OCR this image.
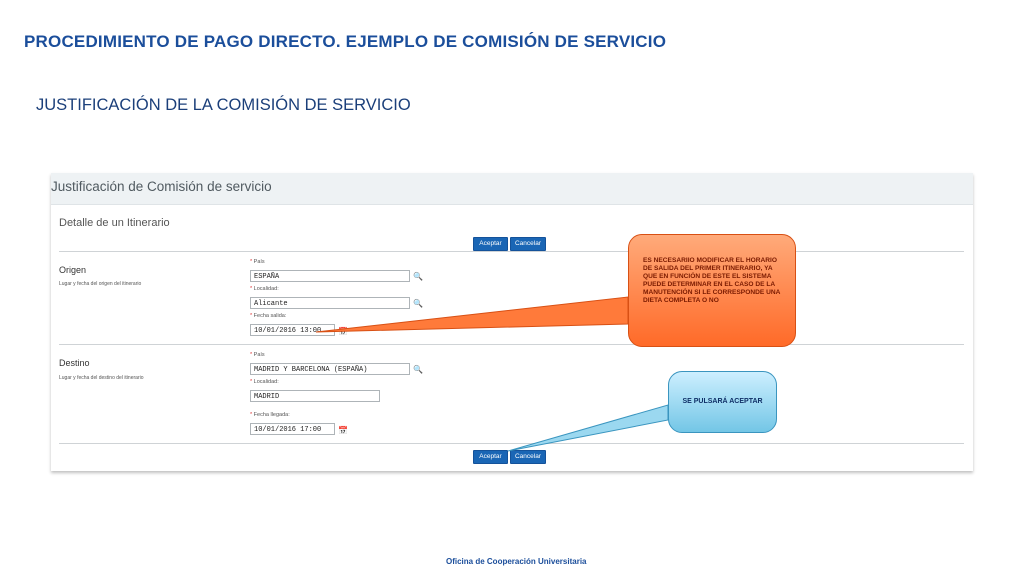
PROCEDIMIENTO DE PAGO DIRECTO. EJEMPLO DE COMISIÓN DE SERVICIO
JUSTIFICACIÓN DE LA COMISIÓN DE SERVICIO
Justificación de Comisión de servicio
Detalle de un Itinerario
Aceptar	Cancelar
Origen
Lugar y fecha del origen del itinerario
* País
ESPAÑA	🔍
* Localidad:
Alicante	🔍
* Fecha salida:
10/01/2016 13:00
Destino
Lugar y fecha del destino del itinerario
* País
MADRID Y BARCELONA (ESPAÑA)	🔍
* Localidad:
MADRID
* Fecha llegada:
10/01/2016 17:00	📅
Aceptar	Cancelar
ES NECESARIIO MODIFICAR EL HORARIO DE SALIDA DEL PRIMER ITINERARIO, YA QUE EN FUNCIÓN DE ESTE EL SISTEMA PUEDE DETERMINAR EN EL CASO DE LA MANUTENCIÓN SI LE CORRESPONDE UNA DIETA COMPLETA O NO
SE PULSARÁ ACEPTAR
Oficina de Cooperación Universitaria
